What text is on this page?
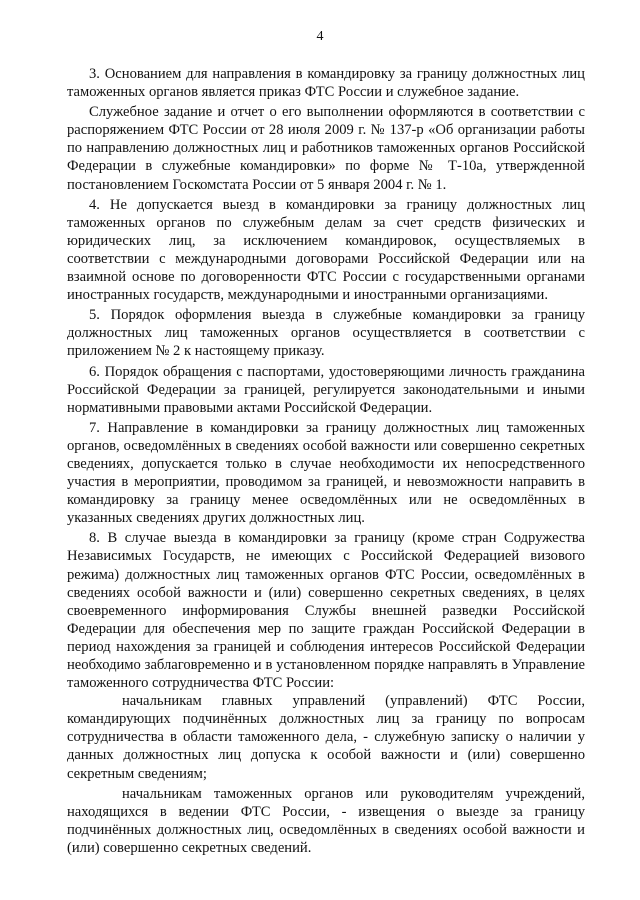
4

3. Основанием для направления в командировку за границу должностных лиц таможенных органов является приказ ФТС России и служебное задание.

Служебное задание и отчет о его выполнении оформляются в соответствии с распоряжением ФТС России от 28 июля 2009 г. № 137-р «Об организации работы по направлению должностных лиц и работников таможенных органов Российской Федерации в служебные командировки» по форме № Т-10а, утвержденной постановлением Госкомстата России от 5 января 2004 г. № 1.

4. Не допускается выезд в командировки за границу должностных лиц таможенных органов по служебным делам за счет средств физических и юридических лиц, за исключением командировок, осуществляемых в соответствии с международными договорами Российской Федерации или на взаимной основе по договоренности ФТС России с государственными органами иностранных государств, международными и иностранными организациями.

5. Порядок оформления выезда в служебные командировки за границу должностных лиц таможенных органов осуществляется в соответствии с приложением № 2 к настоящему приказу.

6. Порядок обращения с паспортами, удостоверяющими личность гражданина Российской Федерации за границей, регулируется законодательными и иными нормативными правовыми актами Российской Федерации.

7. Направление в командировки за границу должностных лиц таможенных органов, осведомлённых в сведениях особой важности или совершенно секретных сведениях, допускается только в случае необходимости их непосредственного участия в мероприятии, проводимом за границей, и невозможности направить в командировку за границу менее осведомлённых или не осведомлённых в указанных сведениях других должностных лиц.

8. В случае выезда в командировки за границу (кроме стран Содружества Независимых Государств, не имеющих с Российской Федерацией визового режима) должностных лиц таможенных органов ФТС России, осведомлённых в сведениях особой важности и (или) совершенно секретных сведениях, в целях своевременного информирования Службы внешней разведки Российской Федерации для обеспечения мер по защите граждан Российской Федерации в период нахождения за границей и соблюдения интересов Российской Федерации необходимо заблаговременно и в установленном порядке направлять в Управление таможенного сотрудничества ФТС России:

начальникам главных управлений (управлений) ФТС России, командирующих подчинённых должностных лиц за границу по вопросам сотрудничества в области таможенного дела, - служебную записку о наличии у данных должностных лиц допуска к особой важности и (или) совершенно секретным сведениям;

начальникам таможенных органов или руководителям учреждений, находящихся в ведении ФТС России, - извещения о выезде за границу подчинённых должностных лиц, осведомлённых в сведениях особой важности и (или) совершенно секретных сведений.
